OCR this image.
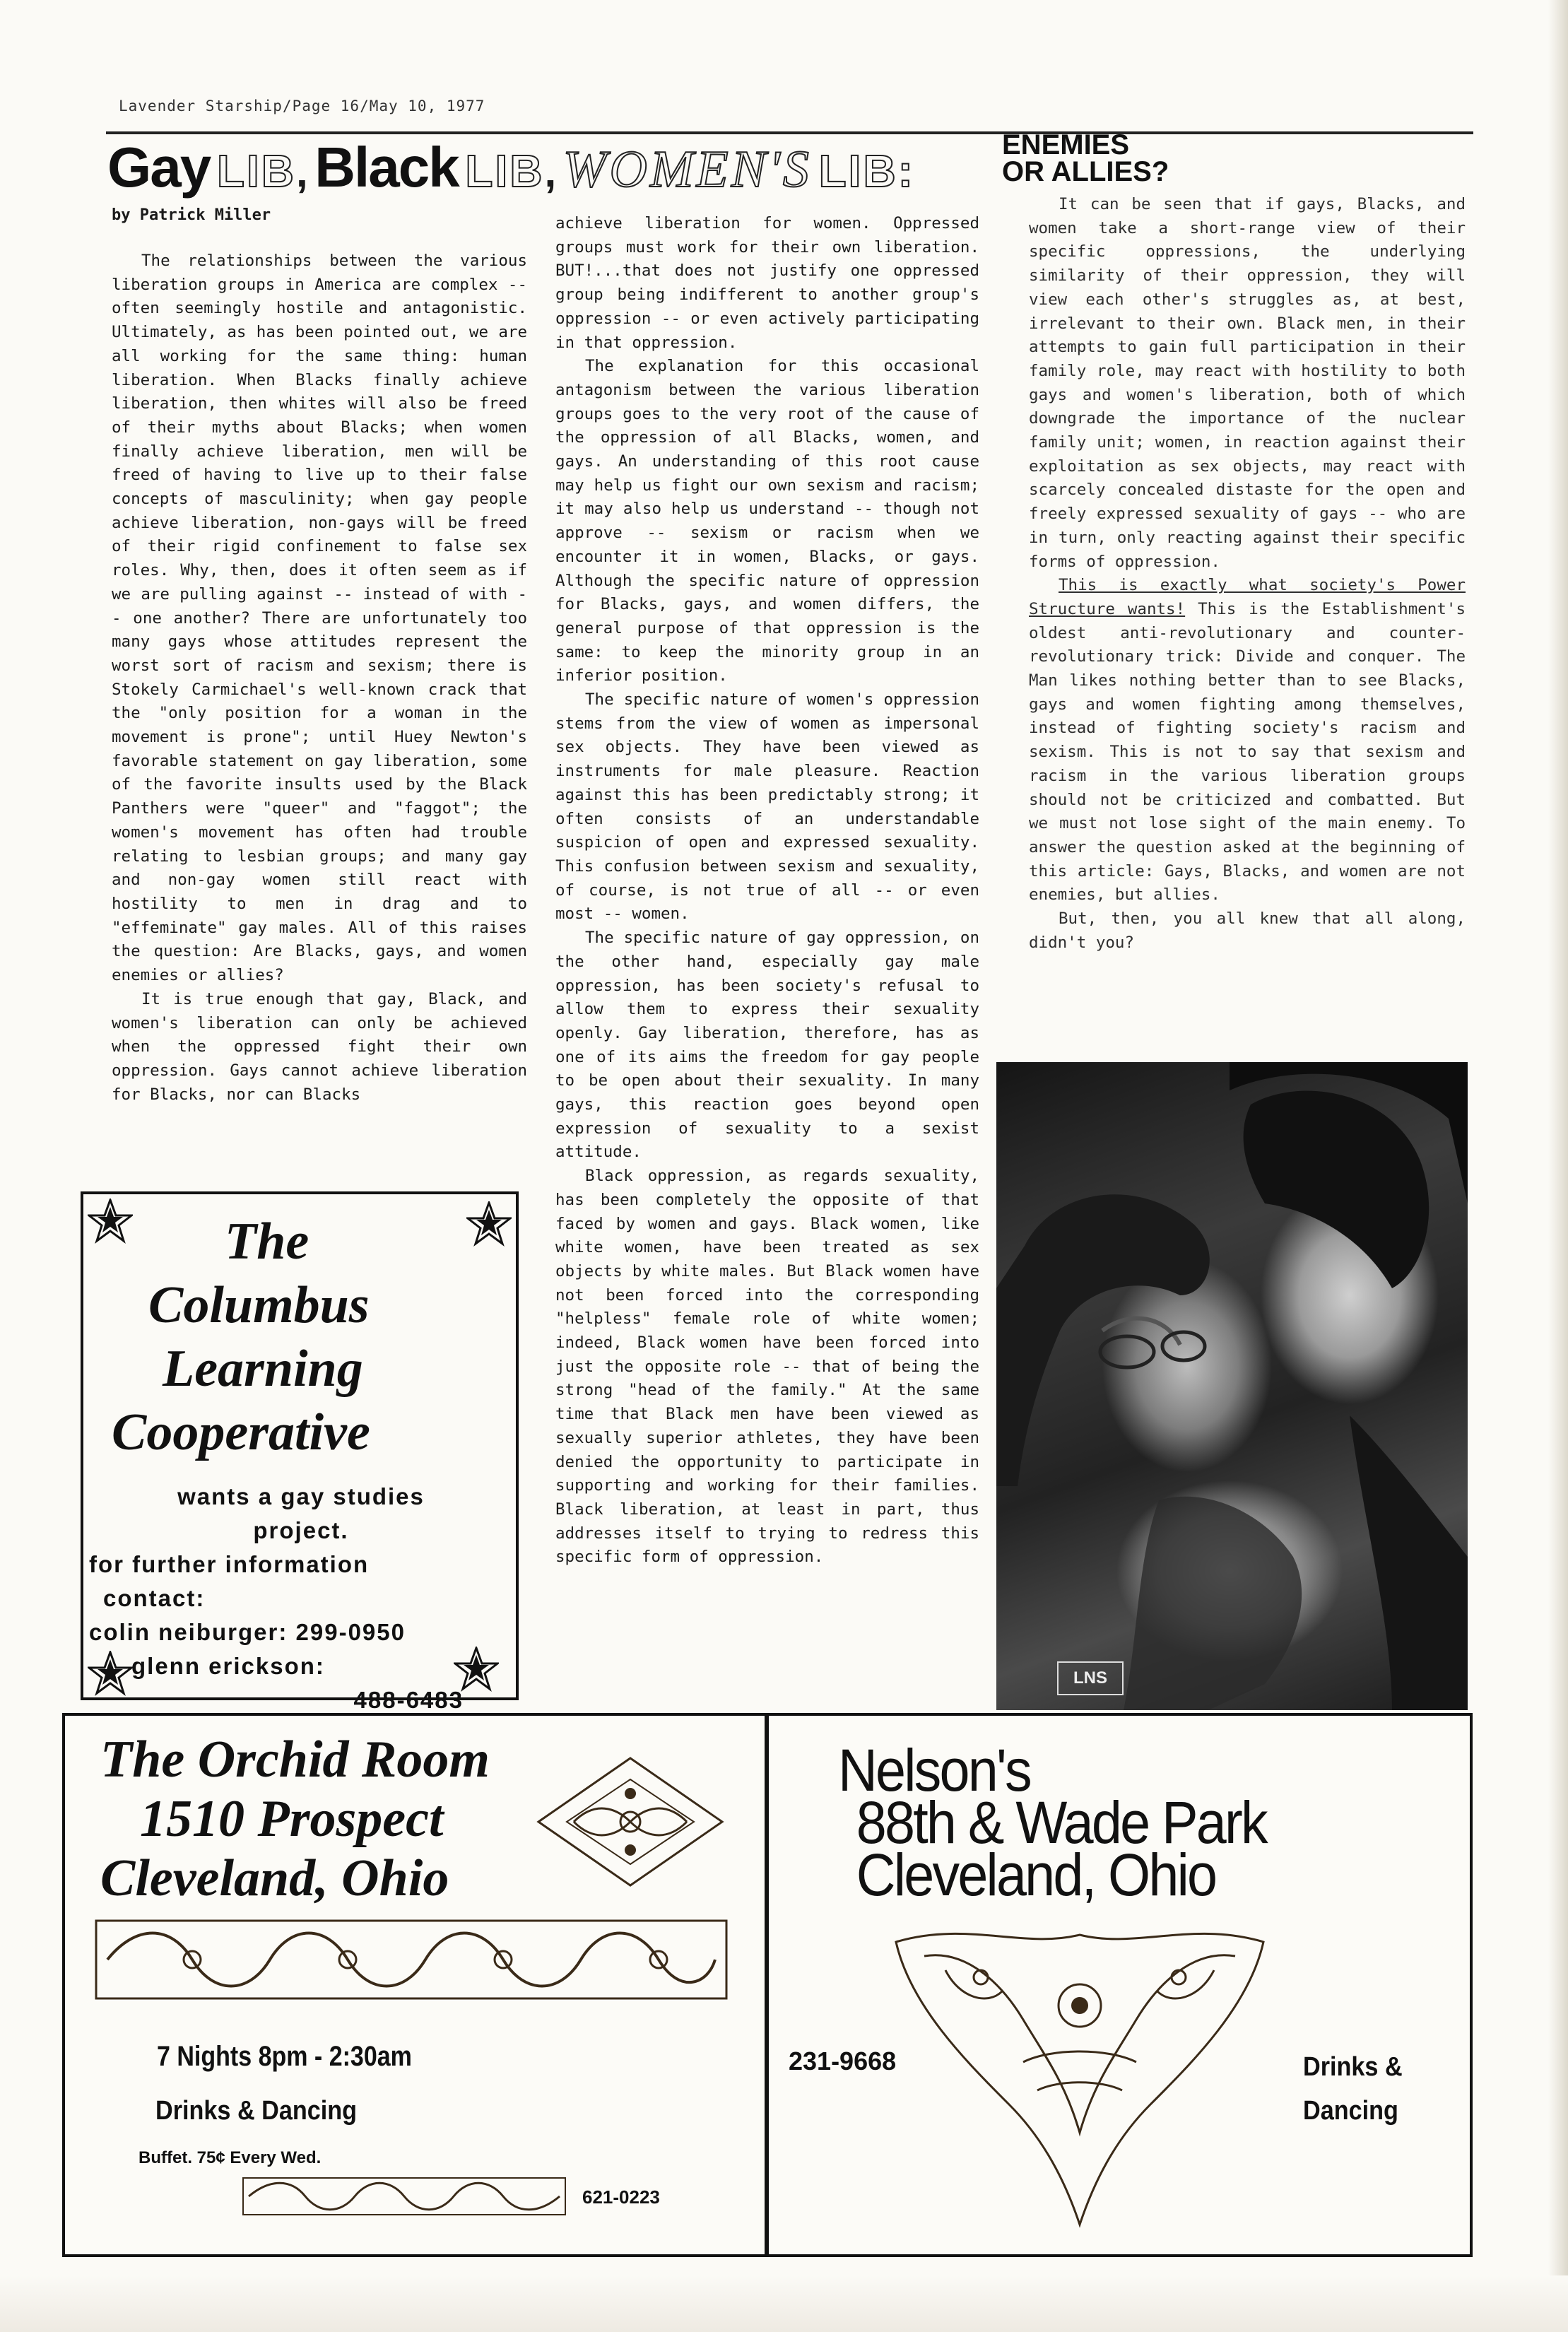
Lavender Starship/Page 16/May 10, 1977
Gay LIB, Black LIB, WOMEN'S LIB:
ENEMIES
OR ALLIES?
by Patrick Miller

The relationships between the various liberation groups in America are complex -- often seemingly hostile and antagonistic. Ultimately, as has been pointed out, we are all working for the same thing: human liberation. When Blacks finally achieve liberation, then whites will also be freed of their myths about Blacks; when women finally achieve liberation, men will be freed of having to live up to their false concepts of masculinity; when gay people achieve liberation, non-gays will be freed of their rigid confinement to false sex roles. Why, then, does it often seem as if we are pulling against -- instead of with -- one another? There are unfortunately too many gays whose attitudes represent the worst sort of racism and sexism; there is Stokely Carmichael's well-known crack that the "only position for a woman in the movement is prone"; until Huey Newton's favorable statement on gay liberation, some of the favorite insults used by the Black Panthers were "queer" and "faggot"; the women's movement has often had trouble relating to lesbian groups; and many gay and non-gay women still react with hostility to men in drag and to "effeminate" gay males. All of this raises the question: Are Blacks, gays, and women enemies or allies?

It is true enough that gay, Black, and women's liberation can only be achieved when the oppressed fight their own oppression. Gays cannot achieve liberation for Blacks, nor can Blacks

achieve liberation for women. Oppressed groups must work for their own liberation. BUT!...that does not justify one oppressed group being indifferent to another group's oppression -- or even actively participating in that oppression.

The explanation for this occasional antagonism between the various liberation groups goes to the very root of the cause of the oppression of all Blacks, women, and gays. An understanding of this root cause may help us fight our own sexism and racism; it may also help us understand -- though not approve -- sexism or racism when we encounter it in women, Blacks, or gays. Although the specific nature of oppression for Blacks, gays, and women differs, the general purpose of that oppression is the same: to keep the minority group in an inferior position.

The specific nature of women's oppression stems from the view of women as impersonal sex objects. They have been viewed as instruments for male pleasure. Reaction against this has been predictably strong; it often consists of an understandable suspicion of open and expressed sexuality. This confusion between sexism and sexuality, of course, is not true of all -- or even most -- women.

The specific nature of gay oppression, on the other hand, especially gay male oppression, has been society's refusal to allow them to express their sexuality openly. Gay liberation, therefore, has as one of its aims the freedom for gay people to be open about their sexuality. In many gays, this reaction goes beyond open expression of sexuality to a sexist attitude.

Black oppression, as regards sexuality, has been completely the opposite of that faced by women and gays. Black women, like white women, have been treated as sex objects by white males. But Black women have not been forced into the corresponding "helpless" female role of white women; indeed, Black women have been forced into just the opposite role -- that of being the strong "head of the family." At the same time that Black men have been viewed as sexually superior athletes, they have been denied the opportunity to participate in supporting and working for their families. Black liberation, at least in part, thus addresses itself to trying to redress this specific form of oppression.

It can be seen that if gays, Blacks, and women take a short-range view of their specific oppressions, the underlying similarity of their oppression, they will view each other's struggles as, at best, irrelevant to their own. Black men, in their attempts to gain full participation in their family role, may react with hostility to both gays and women's liberation, both of which downgrade the importance of the nuclear family unit; women, in reaction against their exploitation as sex objects, may react with scarcely concealed distaste for the open and freely expressed sexuality of gays -- who are in turn, only reacting against their specific forms of oppression.

This is exactly what society's Power Structure wants! This is the Establishment's oldest anti-revolutionary and counter-revolutionary trick: Divide and conquer. The Man likes nothing better than to see Blacks, gays and women fighting among themselves, instead of fighting society's racism and sexism. This is not to say that sexism and racism in the various liberation groups should not be criticized and combatted. But we must not lose sight of the main enemy. To answer the question asked at the beginning of this article: Gays, Blacks, and women are not enemies, but allies.

But, then, you all knew that all along, didn't you?

The
Columbus
Learning
Cooperative
wants a gay studies
project.
for further information
contact:
colin neiburger: 299-0950
glenn erickson:
488-6483
LNS
The Orchid Room
1510 Prospect
Cleveland, Ohio
7 Nights 8pm - 2:30am
Drinks & Dancing
Buffet. 75¢ Every Wed.
621-0223
Nelson's
88th & Wade Park
Cleveland, Ohio
231-9668	Drinks &
Dancing
